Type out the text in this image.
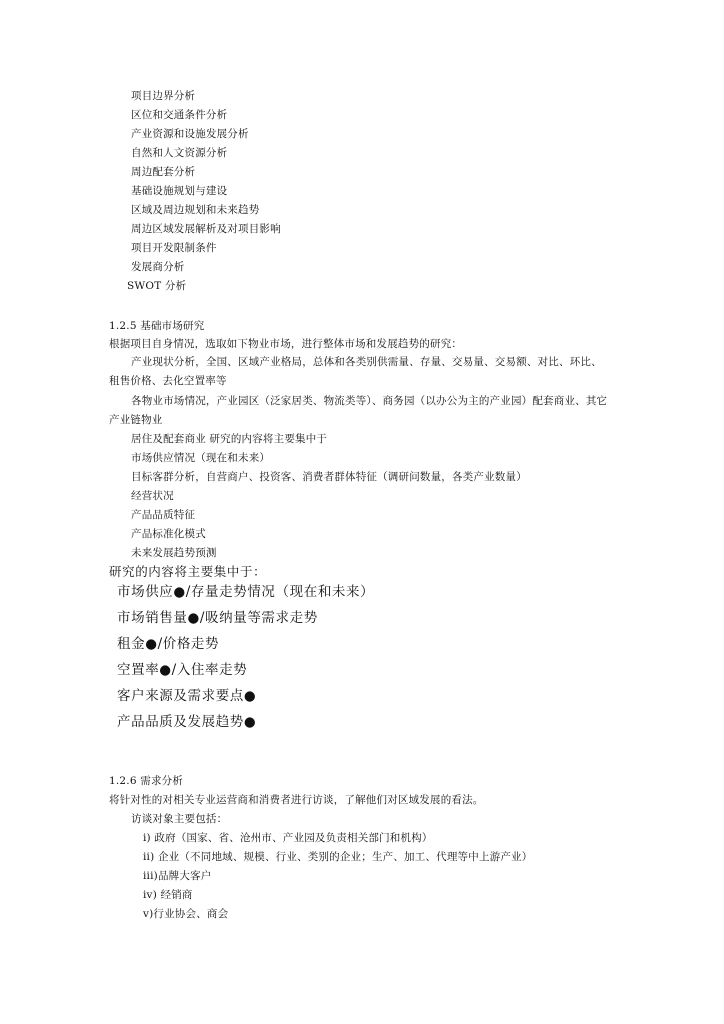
项目边界分析
区位和交通条件分析
产业资源和设施发展分析
自然和人文资源分析
周边配套分析
基础设施规划与建设
区域及周边规划和未来趋势
周边区域发展解析及对项目影响
项目开发限制条件
发展商分析
SWOT 分析
1.2.5 基础市场研究
根据项目自身情况，选取如下物业市场，进行整体市场和发展趋势的研究：
产业现状分析，全国、区域产业格局，总体和各类别供需量、存量、交易量、交易额、对比、环比、
租售价格、去化空置率等
各物业市场情况，产业园区（泛家居类、物流类等）、商务园（以办公为主的产业园）配套商业、其它
产业链物业
居住及配套商业 研究的内容将主要集中于
市场供应情况（现在和未来）
目标客群分析，自营商户、投资客、消费者群体特征（调研问数量，各类产业数量）
经营状况
产品品质特征
产品标准化模式
未来发展趋势预测
研究的内容将主要集中于：
市场供应●/存量走势情况（现在和未来）
市场销售量●/吸纳量等需求走势
租金●/价格走势
空置率●/入住率走势
客户来源及需求要点●
产品品质及发展趋势●
1.2.6 需求分析
将针对性的对相关专业运营商和消费者进行访谈，了解他们对区域发展的看法。
访谈对象主要包括：
i) 政府（国家、省、沧州市、产业园及负责相关部门和机构）
ii) 企业（不同地域、规模、行业、类别的企业；生产、加工、代理等中上游产业）
iii)品牌大客户
iv) 经销商
v)行业协会、商会
